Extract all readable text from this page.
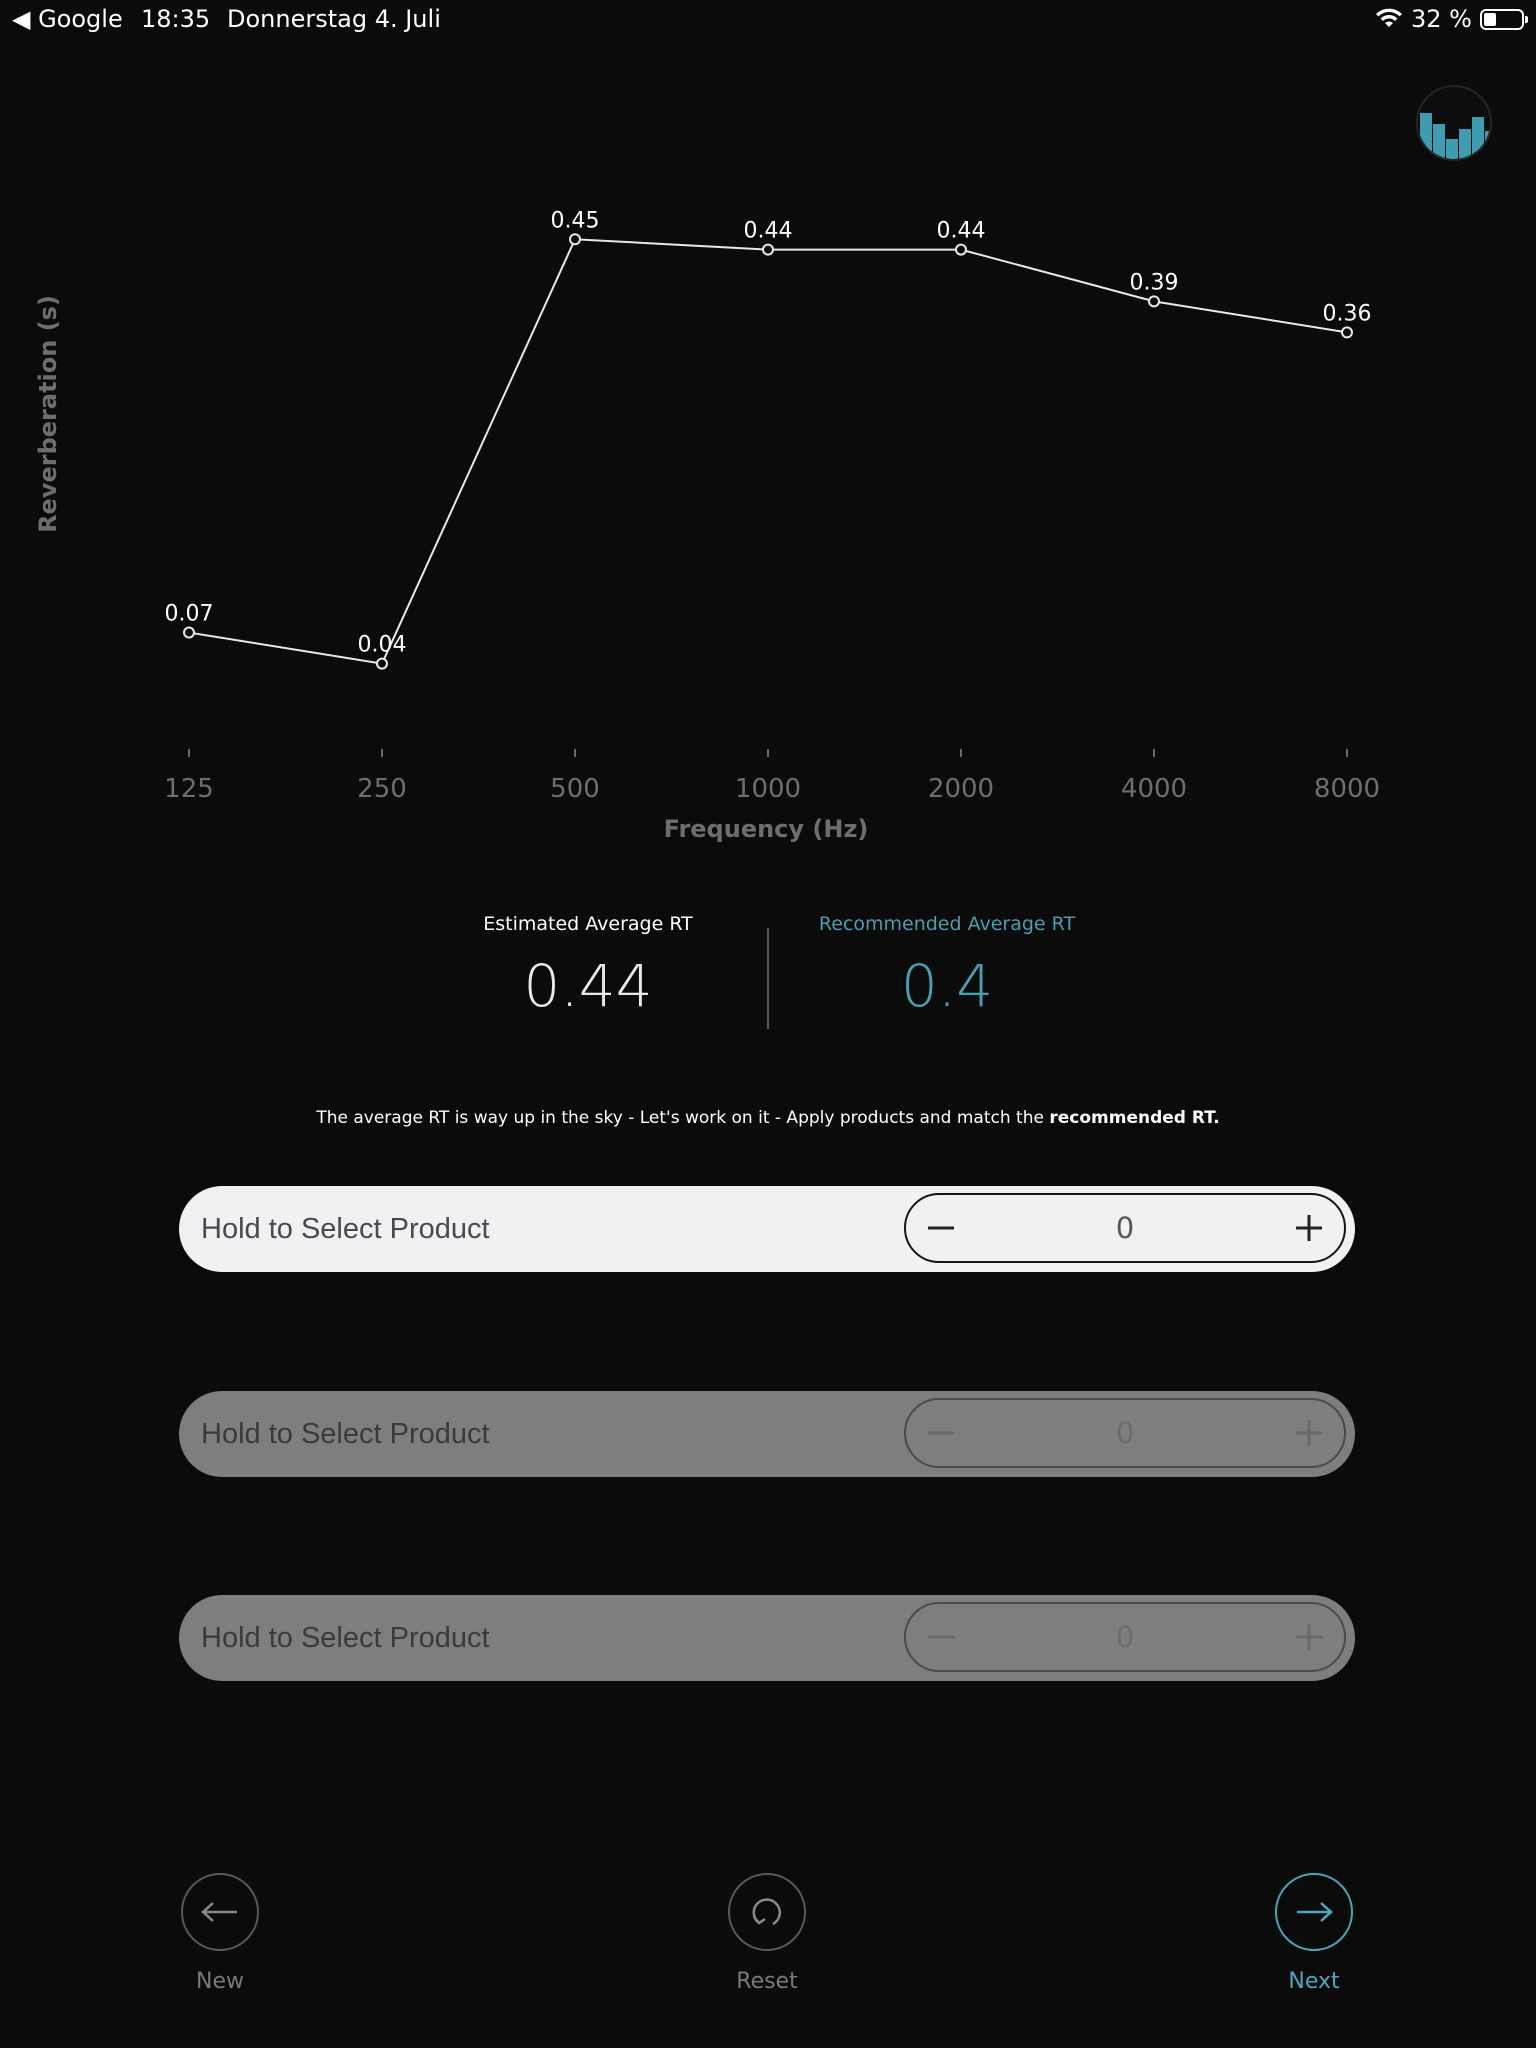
◀ Google 18:35 Donnerstag 4. Juli	32 %
Reverberation (s)
Frequency (Hz)
125	250	500	1000	2000	4000	8000
0.07
0.04
0.45	0.44	0.44
0.39
0.36
Estimated Average RT
0.44
Recommended Average RT
0.4
The average RT is way up in the sky - Let's work on it - Apply products and match the recommended RT.
Hold to Select Product	0
Hold to Select Product	0
Hold to Select Product	0
New	Reset	Next
